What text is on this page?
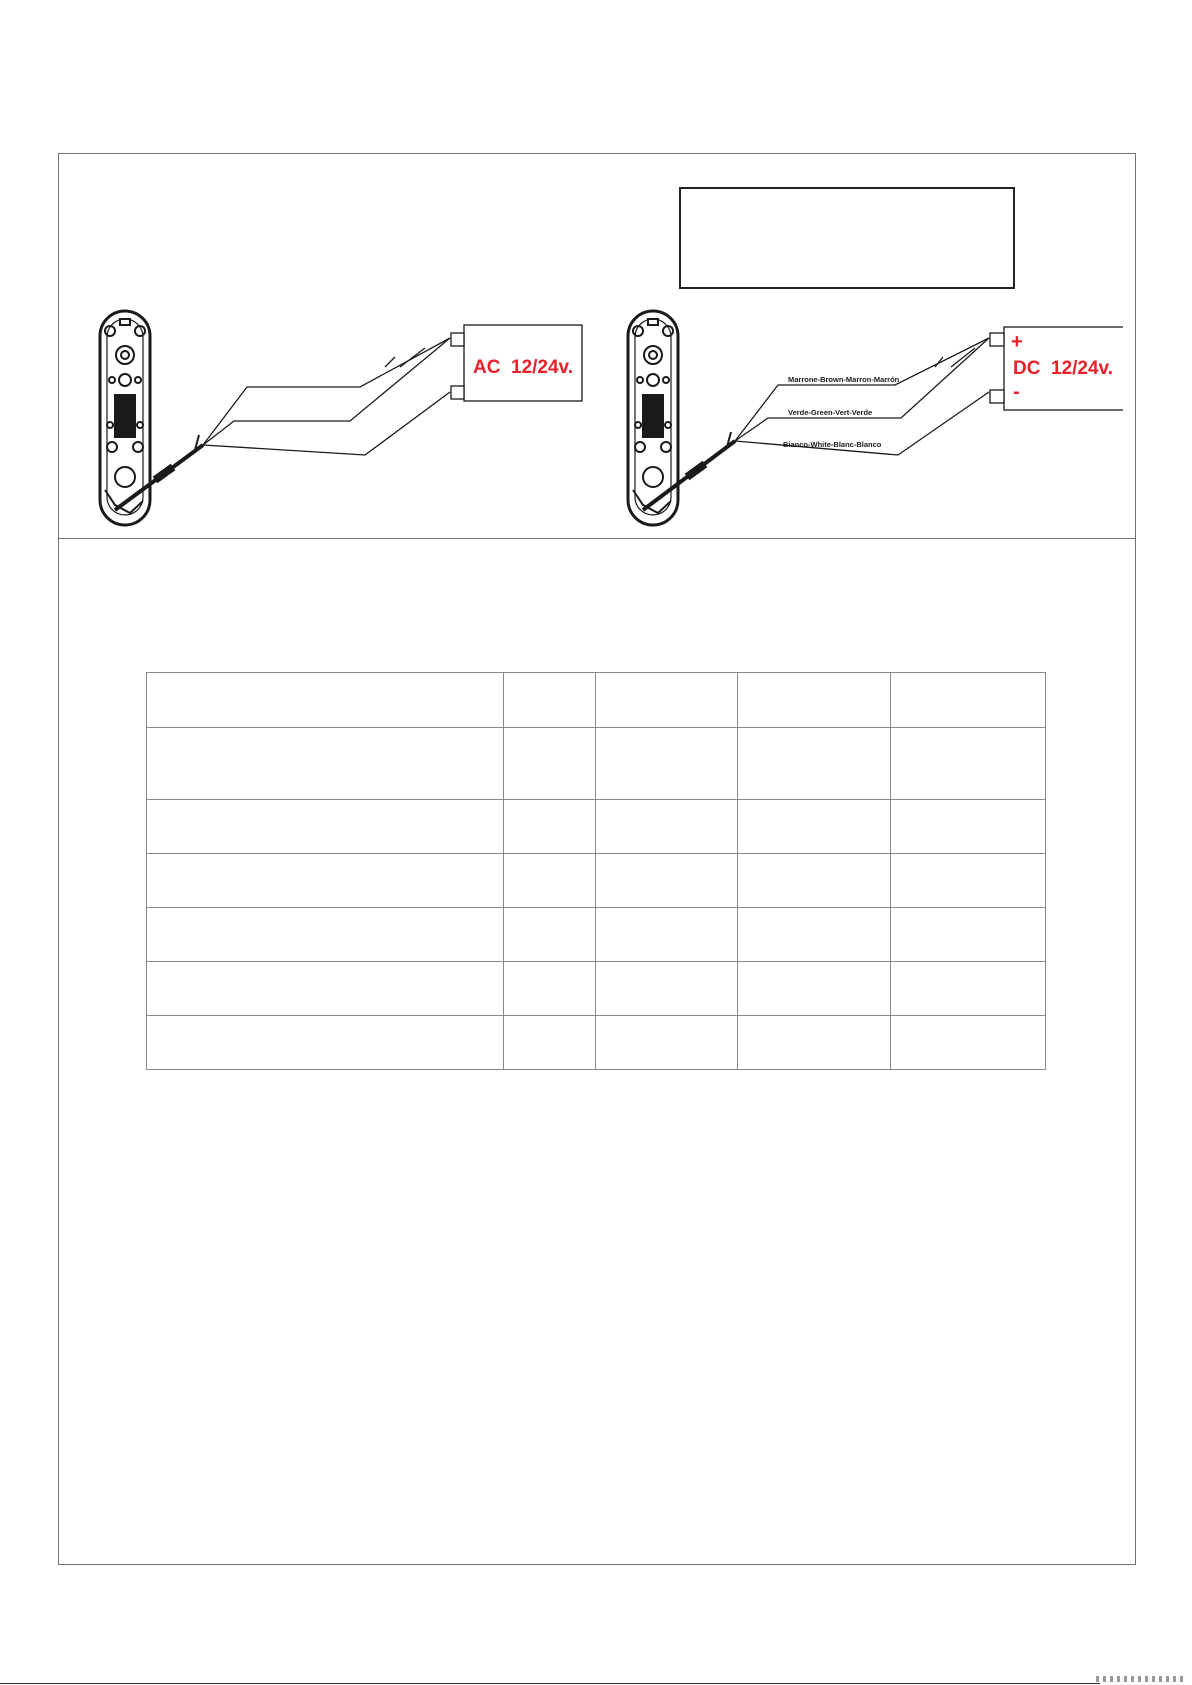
AC  12/24v.
Marrone-Brown-Marron-Marrón
Verde-Green-Vert-Verde
Bianco-White-Blanc-Blanco
+
DC  12/24v.
-
